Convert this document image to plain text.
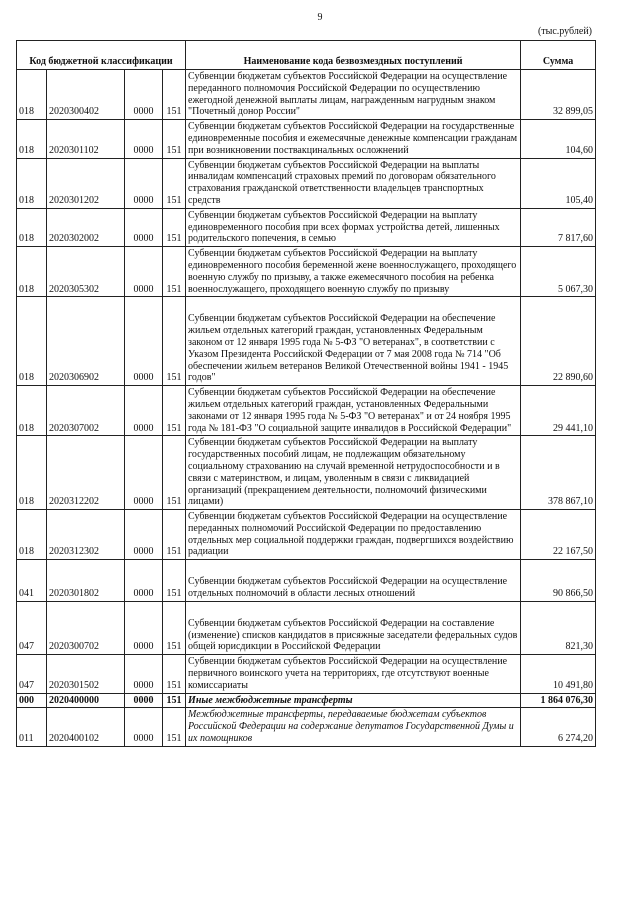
9
(тыс.рублей)
Код бюджетной классификации				Наименование кода безвозмездных поступлений	Сумма
018	2020300402	0000	151	Субвенции бюджетам субъектов Российской Федерации на осуществление переданного полномочия Российской Федерации по осуществлению ежегодной денежной выплаты лицам, награжденным нагрудным знаком "Почетный донор России"	32 899,05
018	2020301102	0000	151	Субвенции бюджетам субъектов Российской Федерации на государственные единовременные пособия и ежемесячные денежные компенсации гражданам при возникновении поствакцинальных осложнений	104,60
018	2020301202	0000	151	Субвенции бюджетам субъектов Российской Федерации на выплаты инвалидам компенсаций страховых премий по договорам обязательного страхования гражданской ответственности владельцев транспортных средств	105,40
018	2020302002	0000	151	Субвенции бюджетам субъектов Российской Федерации на выплату единовременного пособия при всех формах устройства детей, лишенных родительского попечения, в семью	7 817,60
018	2020305302	0000	151	Субвенции бюджетам субъектов Российской Федерации на выплату единовременного пособия беременной жене военнослужащего, проходящего военную службу по призыву, а также ежемесячного пособия на ребенка военнослужащего, проходящего военную службу по призыву	5 067,30
018	2020306902	0000	151	Субвенции бюджетам субъектов Российской Федерации на обеспечение жильем отдельных категорий граждан, установленных Федеральным законом от 12 января 1995 года № 5-ФЗ "О ветеранах", в соответствии с Указом Президента Российской Федерации от 7 мая 2008 года № 714 "Об обеспечении жильем ветеранов Великой Отечественной войны 1941 - 1945 годов"	22 890,60
018	2020307002	0000	151	Субвенции бюджетам субъектов Российской Федерации на обеспечение жильем отдельных категорий граждан, установленных Федеральными законами от 12 января 1995 года № 5-ФЗ "О ветеранах" и от 24 ноября 1995 года № 181-ФЗ "О социальной защите инвалидов в Российской Федерации"	29 441,10
018	2020312202	0000	151	Субвенции бюджетам субъектов Российской Федерации на выплату государственных пособий лицам, не подлежащим обязательному социальному страхованию на случай временной нетрудоспособности и в связи с материнством, и лицам, уволенным в связи с ликвидацией организаций (прекращением деятельности, полномочий физическими лицами)	378 867,10
018	2020312302	0000	151	Субвенции бюджетам субъектов Российской Федерации на осуществление переданных полномочий Российской Федерации по предоставлению отдельных мер социальной поддержки граждан, подвергшихся воздействию радиации	22 167,50
041	2020301802	0000	151	Субвенции бюджетам субъектов Российской Федерации на осуществление отдельных полномочий в области лесных отношений	90 866,50
047	2020300702	0000	151	Субвенции бюджетам субъектов Российской Федерации на составление (изменение) списков кандидатов в присяжные заседатели федеральных судов общей юрисдикции в Российской Федерации	821,30
047	2020301502	0000	151	Субвенции бюджетам субъектов Российской Федерации на осуществление первичного воинского учета на территориях, где отсутствуют военные комиссариаты	10 491,80
000	2020400000	0000	151	Иные межбюджетные трансферты	1 864 076,30
011	2020400102	0000	151	Межбюджетные трансферты, передаваемые бюджетам субъектов Российской Федерации на содержание депутатов Государственной Думы и их помощников	6 274,20
